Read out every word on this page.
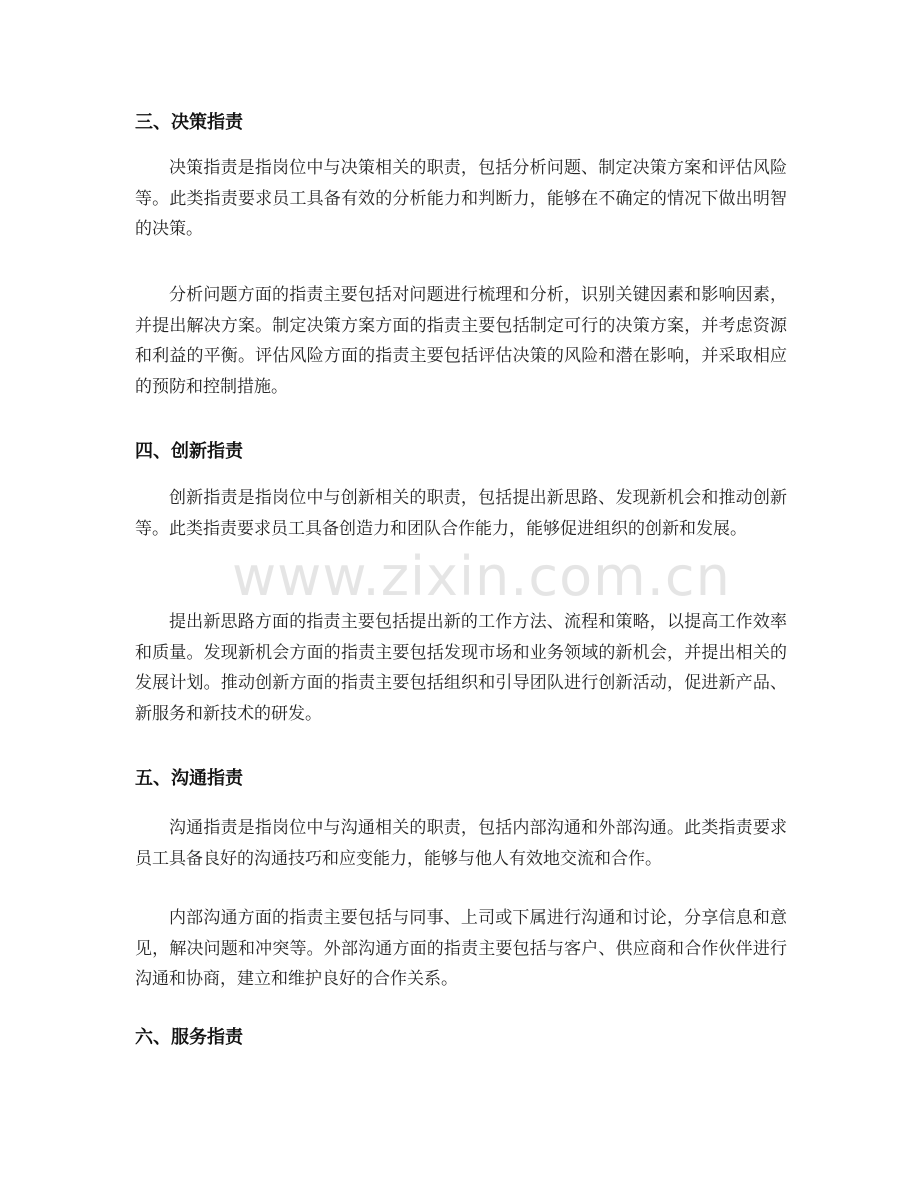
三、决策指责

决策指责是指岗位中与决策相关的职责，包括分析问题、制定决策方案和评估风险等。此类指责要求员工具备有效的分析能力和判断力，能够在不确定的情况下做出明智的决策。

分析问题方面的指责主要包括对问题进行梳理和分析，识别关键因素和影响因素，并提出解决方案。制定决策方案方面的指责主要包括制定可行的决策方案，并考虑资源和利益的平衡。评估风险方面的指责主要包括评估决策的风险和潜在影响，并采取相应的预防和控制措施。

四、创新指责

创新指责是指岗位中与创新相关的职责，包括提出新思路、发现新机会和推动创新等。此类指责要求员工具备创造力和团队合作能力，能够促进组织的创新和发展。

提出新思路方面的指责主要包括提出新的工作方法、流程和策略，以提高工作效率和质量。发现新机会方面的指责主要包括发现市场和业务领域的新机会，并提出相关的发展计划。推动创新方面的指责主要包括组织和引导团队进行创新活动，促进新产品、新服务和新技术的研发。

五、沟通指责

沟通指责是指岗位中与沟通相关的职责，包括内部沟通和外部沟通。此类指责要求员工具备良好的沟通技巧和应变能力，能够与他人有效地交流和合作。

内部沟通方面的指责主要包括与同事、上司或下属进行沟通和讨论，分享信息和意见，解决问题和冲突等。外部沟通方面的指责主要包括与客户、供应商和合作伙伴进行沟通和协商，建立和维护良好的合作关系。

六、服务指责
www.zixin.com.cn
